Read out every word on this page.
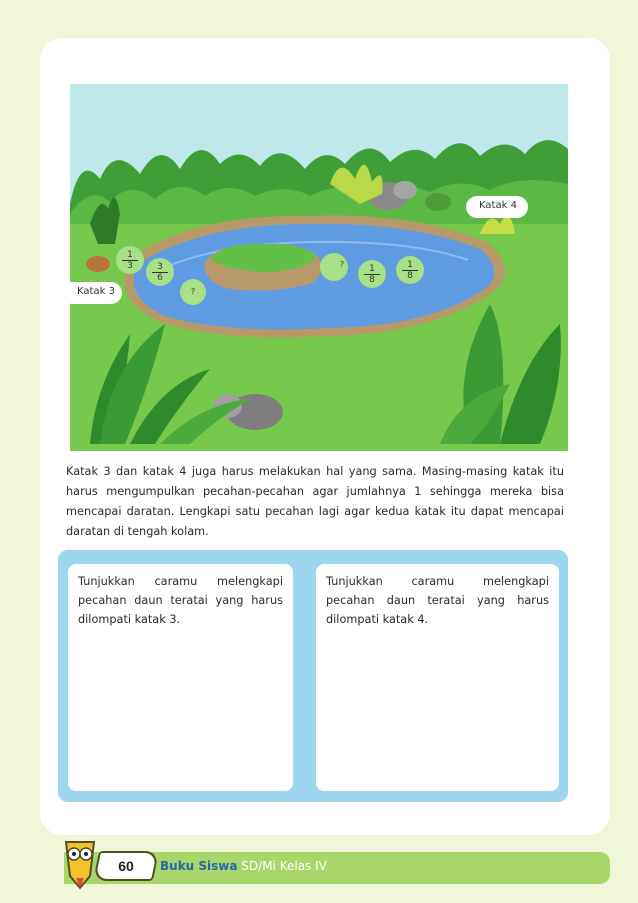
1
3	3
6
?
?	1
8
1
8
Katak 3
Katak 4

Katak 3 dan katak 4 juga harus melakukan hal yang sama. Masing-masing katak itu harus mengumpulkan pecahan-pecahan agar jumlahnya 1 sehingga mereka bisa mencapai daratan. Lengkapi satu pecahan lagi agar kedua katak itu dapat mencapai daratan di tengah kolam.

Tunjukkan caramu melengkapi pecahan daun teratai yang harus dilompati katak 3.

Tunjukkan caramu melengkapi pecahan daun teratai yang harus dilompati katak 4.

60	Buku Siswa SD/Mi Kelas IV
